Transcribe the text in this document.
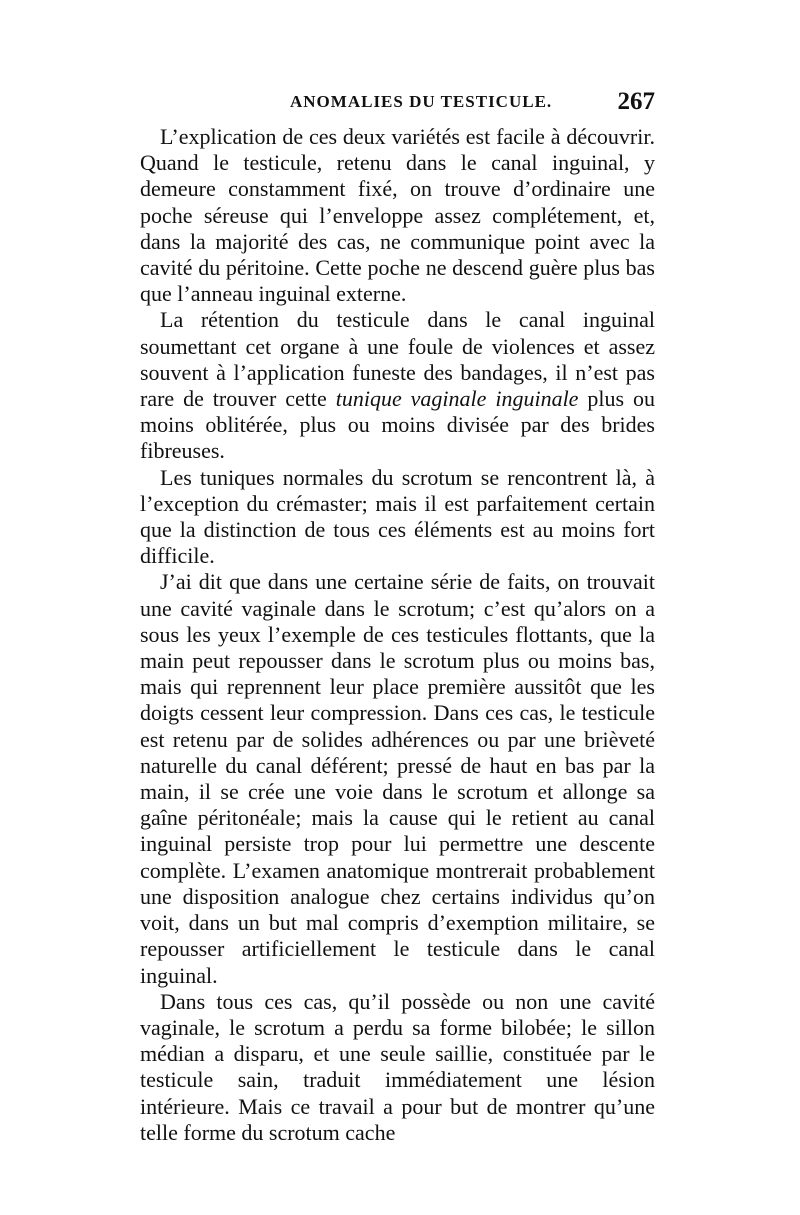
ANOMALIES DU TESTICULE.	267

L’explication de ces deux variétés est facile à découvrir. Quand le testicule, retenu dans le canal inguinal, y demeure constamment fixé, on trouve d’ordinaire une poche séreuse qui l’enveloppe assez complétement, et, dans la majorité des cas, ne communique point avec la cavité du péritoine. Cette poche ne descend guère plus bas que l’anneau inguinal externe.

La rétention du testicule dans le canal inguinal soumettant cet organe à une foule de violences et assez souvent à l’application funeste des bandages, il n’est pas rare de trouver cette tunique vaginale inguinale plus ou moins oblitérée, plus ou moins divisée par des brides fibreuses.

Les tuniques normales du scrotum se rencontrent là, à l’exception du crémaster; mais il est parfaitement certain que la distinction de tous ces éléments est au moins fort difficile.

J’ai dit que dans une certaine série de faits, on trouvait une cavité vaginale dans le scrotum; c’est qu’alors on a sous les yeux l’exemple de ces testicules flottants, que la main peut repousser dans le scrotum plus ou moins bas, mais qui reprennent leur place première aussitôt que les doigts cessent leur compression. Dans ces cas, le testicule est retenu par de solides adhérences ou par une brièveté naturelle du canal déférent; pressé de haut en bas par la main, il se crée une voie dans le scrotum et allonge sa gaîne péritonéale; mais la cause qui le retient au canal inguinal persiste trop pour lui permettre une descente complète. L’examen anatomique montrerait probablement une disposition analogue chez certains individus qu’on voit, dans un but mal compris d’exemption militaire, se repousser artificiellement le testicule dans le canal inguinal.

Dans tous ces cas, qu’il possède ou non une cavité vaginale, le scrotum a perdu sa forme bilobée; le sillon médian a disparu, et une seule saillie, constituée par le testicule sain, traduit immédiatement une lésion intérieure. Mais ce travail a pour but de montrer qu’une telle forme du scrotum cache
